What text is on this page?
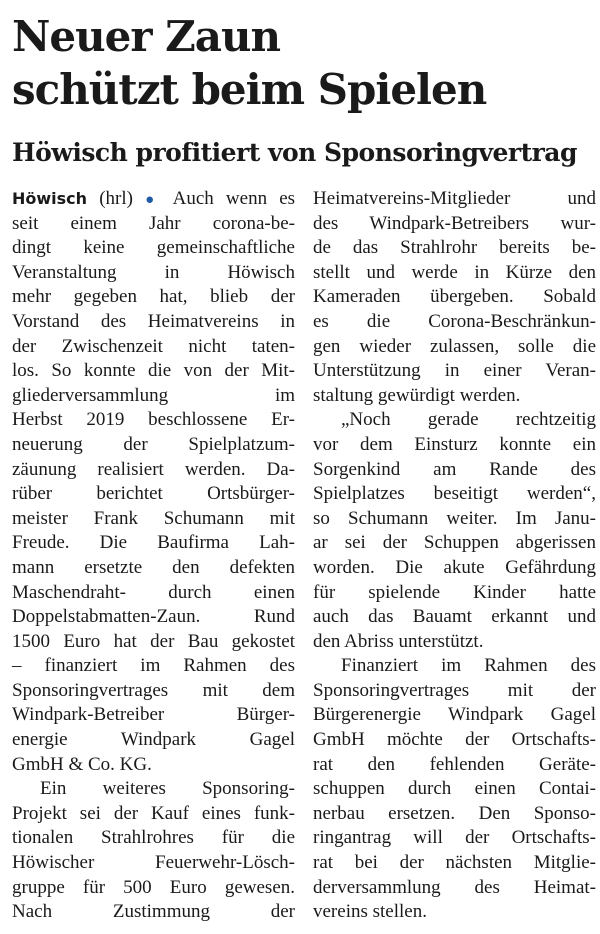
Neuer Zaun
schützt beim Spielen
Höwisch profitiert von Sponsoringvertrag
Höwisch (hrl) ● Auch wenn es
seit einem Jahr corona-be-
dingt keine gemeinschaftliche
Veranstaltung in Höwisch
mehr gegeben hat, blieb der
Vorstand des Heimatvereins in
der Zwischenzeit nicht taten-
los. So konnte die von der Mit-
gliederversammlung im
Herbst 2019 beschlossene Er-
neuerung der Spielplatzum-
zäunung realisiert werden. Da-
rüber berichtet Ortsbürger-
meister Frank Schumann mit
Freude. Die Baufirma Lah-
mann ersetzte den defekten
Maschendraht- durch einen
Doppelstabmatten-Zaun. Rund
1500 Euro hat der Bau gekostet
– finanziert im Rahmen des
Sponsoringvertrages mit dem
Windpark-Betreiber Bürger-
energie Windpark Gagel
GmbH & Co. KG.
Ein weiteres Sponsoring-
Projekt sei der Kauf eines funk-
tionalen Strahlrohres für die
Höwischer Feuerwehr-Lösch-
gruppe für 500 Euro gewesen.
Nach Zustimmung der
Heimatvereins-Mitglieder und
des Windpark-Betreibers wur-
de das Strahlrohr bereits be-
stellt und werde in Kürze den
Kameraden übergeben. Sobald
es die Corona-Beschränkun-
gen wieder zulassen, solle die
Unterstützung in einer Veran-
staltung gewürdigt werden.
„Noch gerade rechtzeitig
vor dem Einsturz konnte ein
Sorgenkind am Rande des
Spielplatzes beseitigt werden“,
so Schumann weiter. Im Janu-
ar sei der Schuppen abgerissen
worden. Die akute Gefährdung
für spielende Kinder hatte
auch das Bauamt erkannt und
den Abriss unterstützt.
Finanziert im Rahmen des
Sponsoringvertrages mit der
Bürgerenergie Windpark Gagel
GmbH möchte der Ortschafts-
rat den fehlenden Geräte-
schuppen durch einen Contai-
nerbau ersetzen. Den Sponso-
ringantrag will der Ortschafts-
rat bei der nächsten Mitglie-
derversammlung des Heimat-
vereins stellen.
